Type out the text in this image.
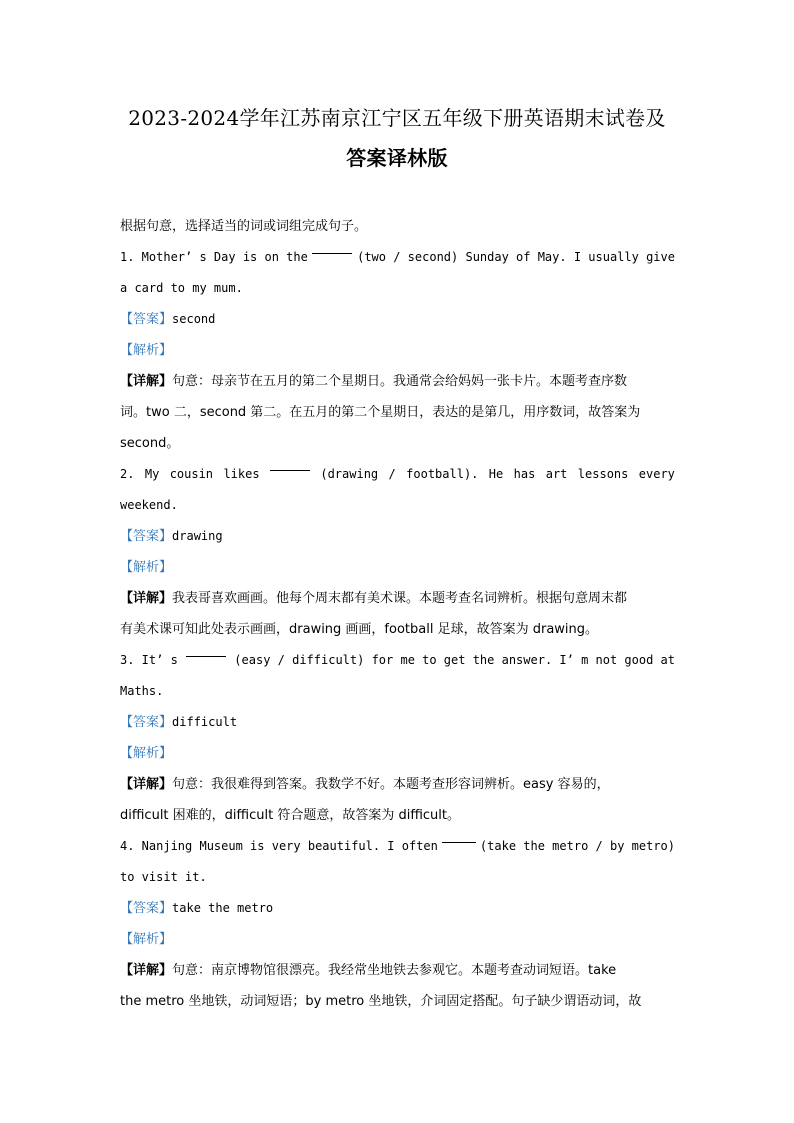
2023-2024学年江苏南京江宁区五年级下册英语期末试卷及
答案译林版
根据句意，选择适当的词或词组完成句子。
1. Mother’ s Day is on the	(two / second) Sunday of May. I usually give
a card to my mum.
【答案】second
【解析】
【详解】句意：母亲节在五月的第二个星期日。我通常会给妈妈一张卡片。本题考查序数
词。two 二，second 第二。在五月的第二个星期日，表达的是第几，用序数词，故答案为
second。
2. My cousin likes	(drawing / football). He has art lessons every
weekend.
【答案】drawing
【解析】
【详解】我表哥喜欢画画。他每个周末都有美术课。本题考查名词辨析。根据句意周末都
有美术课可知此处表示画画，drawing 画画，football 足球，故答案为 drawing。
3. It’ s	(easy / difficult) for me to get the answer. I’ m not good at
Maths.
【答案】difficult
【解析】
【详解】句意：我很难得到答案。我数学不好。本题考查形容词辨析。easy 容易的，
difficult 困难的，difficult 符合题意，故答案为 difficult。
4. Nanjing Museum is very beautiful. I often	(take the metro / by metro)
to visit it.
【答案】take the metro
【解析】
【详解】句意：南京博物馆很漂亮。我经常坐地铁去参观它。本题考查动词短语。take
the metro 坐地铁，动词短语；by metro 坐地铁，介词固定搭配。句子缺少谓语动词，故
